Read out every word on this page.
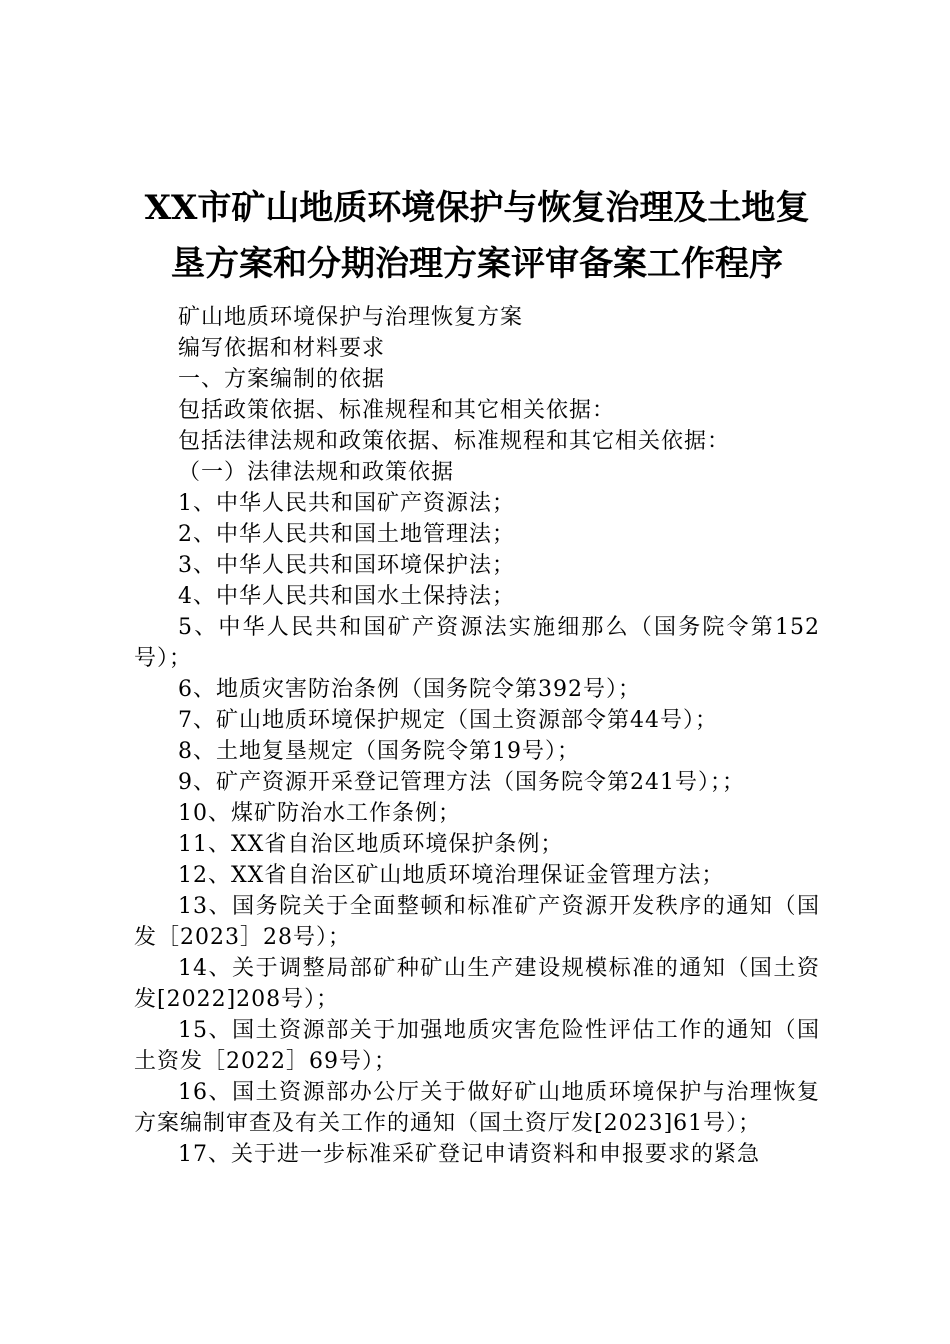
XX市矿山地质环境保护与恢复治理及土地复
垦方案和分期治理方案评审备案工作程序

矿山地质环境保护与治理恢复方案

编写依据和材料要求

一、方案编制的依据

包括政策依据、标准规程和其它相关依据：

包括法律法规和政策依据、标准规程和其它相关依据：

（一）法律法规和政策依据

1、中华人民共和国矿产资源法；

2、中华人民共和国土地管理法；

3、中华人民共和国环境保护法；

4、中华人民共和国水土保持法；

5、中华人民共和国矿产资源法实施细那么（国务院令第152号）；

6、地质灾害防治条例（国务院令第392号）；

7、矿山地质环境保护规定（国土资源部令第44号）；

8、土地复垦规定（国务院令第19号）；

9、矿产资源开采登记管理方法（国务院令第241号）；；

10、煤矿防治水工作条例；

11、XX省自治区地质环境保护条例；

12、XX省自治区矿山地质环境治理保证金管理方法；

13、国务院关于全面整顿和标准矿产资源开发秩序的通知（国发［2023］28号）；

14、关于调整局部矿种矿山生产建设规模标准的通知（国土资发[2022]208号）；

15、国土资源部关于加强地质灾害危险性评估工作的通知（国土资发［2022］69号）；

16、国土资源部办公厅关于做好矿山地质环境保护与治理恢复方案编制审查及有关工作的通知（国土资厅发[2023]61号）；

17、关于进一步标准采矿登记申请资料和申报要求的紧急
